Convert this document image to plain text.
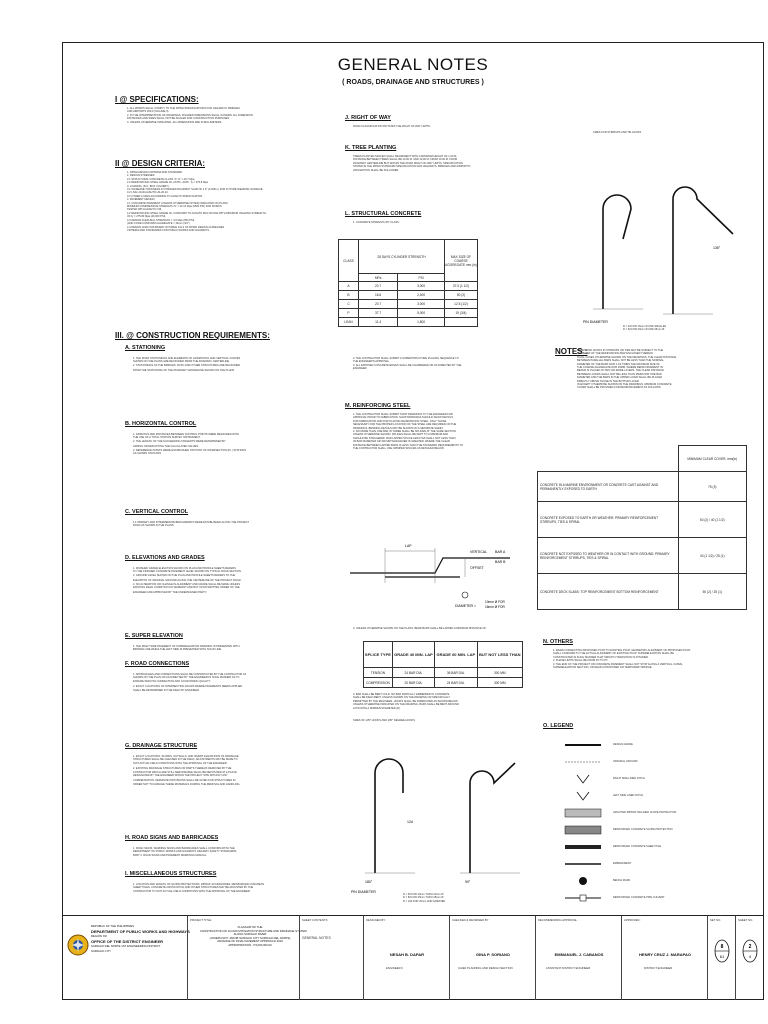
GENERAL NOTES
( ROADS, DRAINAGE AND STRUCTURES )
I @ SPECIFICATIONS:
1. ALL WORKS SHALL COMPLY TO THE DPWH SPECIFICATIONS FOR HIGHWAYS, BRIDGES
AND AIRPORTS 2013 (VOLUME II).
2. IN THE INTERPRETATION OF DRAWINGS, FIGURED DIMENSIONS SHALL GOVERN. ALL DIMENSION
DISTANCES AND SIZES SHALL NOT BE SCALED FOR CONSTRUCTION PURPOSES.
3. UNLESS OTHERWISE INDICATED, ALL DIMENSIONS ARE IN MILLIMETERS.
II @ DESIGN CRITERIA:
1. DPWH DESIGN CRITERIA AND STANDARD.
2. DESIGN STRESSES:
2.1 STRUCTURAL CONCRETE CLASS "A" fc' = 20.7 Mpa
2.2 REINFORCING STEEL GRADE 40, ASTM - A615 : fy = 275.8 Mpa
3. LOADING: (R.C. BOX CULVERT)
3.1 INCREASE THICKNESS AT FINISHED ROADWAY SLAB OF 1.0" (0.025m.) FOR FUTURE WEARING SURFACE.
3.2 LIVE LOAD AASHTO HS-20-44.
3.3 OTHER LOADS ACCORDING TO AASHTO SPECIFICATION.
4. PAVEMENT DESIGN:
4.1 CONCRETE PAVEMENT (UNLESS OTHERWISE NOTED) INDICATED ON PLANS
MINIMUM COMPRESSIVE STRENGTH fc' = 24.13 Mpa (3500 PSI) FOR WORKS
TESTED WITH AASHTO C39.
4.2 REINFORCING STEEL GRADE 40, CONFORM TO AASHTO M31 OR M42 WITH MINIMUM YIELDING STRENGTH
OF fy = 275.80 Mpa (40,000 PSI).
4.3 DESIGN FLEXURAL STRENGTH = 4.5 Mpa (650 PSI)
(AND CODE CONFORM AGGREGATE = 16mm (3/4")
4.4 DESIGN ANALYSIS BASED ON TABLE 311.2 OF DPWH DESIGN GUIDELINES
CRITERIA AND STANDARDS FOR PUBLIC WORKS AND HIGHWAYS.
III. @ CONSTRUCTION REQUIREMENTS:
A. STATIONING
1. THE ROAD STATIONINGS AND ELEMENTS OF HORIZONTAL AND VERTICAL CURVES
SHOWN ON THE PLANS ARE RECKONED FROM THE ROADWAY CENTERLINE.
2. STATIONINGS OF THE BRIDGES, RCPC AND OTHER STRUCTURES ARE RECKONED
FROM THE STATIONING OF THE ROADWAY CENTERLINE SHOWN ON THE PLANS.
B. HORIZONTAL CONTROL
1. AZIMUTHS AND DISTANCES BETWEEN CONTROL POINTS WERE MEASURED WITH
THE USE OF A TOTAL STATION SURVEY INSTRUMENT.
2. THE LENGTH OF THE SUCCEEDING TANGENTS WERE DETERMINED BY
ADDING OR DEDUCTING THE CALCULATED VALUES.
3. REFERENCE POINTS WERE ESTABLISHED ON POINT OF INTERSECTION (P.I.) STATIONS
AS SHOWN ON PLANS.
C. VERTICAL CONTROL
1.1 PRIMARY AND INTERMEDIATE BENCHMARKS WERE ESTABLISHED ALONG THE PROJECT
ROAD AS SHOWN IN THE PLANS.
D. ELEVATIONS AND GRADES
1. FINISHED GRADE ELEVATION SHOWN ON PLAN AND PROFILE SHEETS REFERS
TO THE FINISHED CONCRETE PAVEMENT LEVEL SHOWN ON TYPICAL ROAD SECTION.
2. GROUND LEVEL SHOWN ON THE PLAN AND PROFILE SHEETS REFERS TO THE
ELEVATION OF ORIGINAL GROUND ALONG THE CENTERLINE OF THE PROJECT ROAD.
3. NO ALTERATION OR CHANGE IN ALIGNMENT AND GRADE SHALL BE MADE UNLESS
EXISTING FIELD CONDITION SO WARRANT AND BUT UPON WRITTEN ORDER OF THE
ENGINEER AND APPROVED BY THE UNDERSIGNED PARTY.
E. SUPER ELEVATION
1. THE RIGHT SIDE PAVEMENT OF SUPERELEVATION DRAWING IS PRESENTED WITH
BROKEN LINE WHILE THE LEFT SIDE IS PRESENTED WITH SOLID LINE.
F. ROAD CONNECTIONS
1. APPROACHES AND CONNECTIONS SHALL BE CONSTRUCTED BY THE CONTRACTOR AS
SHOWN ON THE PLAN OR AS DIRECTED BY THE ENGINEER IN SUCH MANNER AS TO
ENSURE SMOOTH CONNECTION AND GOOD RIDING QUALITY.
2. EXACT LOCATIONS OF INTERSECTING ROADS WHERE PAVEMENTS NEEDS APPLIED
SHALL BE DETERMINED IN THE FIELD BY ENGINEER.
G. DRAINAGE STRUCTURE
1. EXACT LOCATIONS, SLOPES, OUTFALLS, AND INVERT ELEVATIONS OF DRAINAGE
STRUCTURES SHALL BE CHECKED IN THE FIELD. ADJUSTMENTS MAY BE MADE TO
SUIT ACTUAL FIELD CONDITIONS WITH THE APPROVAL OF THE ENGINEER.
2. EXISTING DRAINAGE STRUCTURES OR PARTS THEREOF REMOVED BY THE
CONTRACTOR WHICH ARE STILL SERVICEABLE SHALL BE DEPOSITED AT A PLACE
DESIGNATED BY THE ENGINEER WITHIN THE PROJECT SITE WITHOUT ANY
COMPENSATION. SEPARATE PROVISIONS SHALL BE GIVEN FOR STRUCTURES IN
ORDER NOT TO DAMAGE THESE MATERIALS DURING THE REMOVAL AND HANDLING.
H. ROAD SIGNS AND BARRICADES
1. ROAD SIGNS, WARNING SIGNS AND BARRICADES SHALL CONFORM WITH THE
DEPARTMENT OF PUBLIC WORKS AND HIGHWAYS HIGHWAY SAFETY STANDARDS,
PART 2, ROAD SIGNS AND PAVEMENT MARKINGS MANUAL.
I. MISCELLANEOUS STRUCTURES
1. LOCATION AND LENGTH OF SLOPE PROTECTIONS, RIPRAP, ACCESSORIES, REINFORCED CONCRETE
SHEET PILES, CONCRETE CROSS DITCH AND OTHER STRUCTURES MAY BE ADJUSTED BY THE
CONTRACTOR TO SUIT ACTUAL FIELD CONDITIONS WITH THE APPROVAL OF THE ENGINEER.
J. RIGHT OF WAY
ROAD CLASSIFICATION DICTATES THE RIGHT OF WAY LIMITS.
K. TREE PLANTING
TREES PLANTED SPACED SHALL BE EMINENT WITH A MINIMUM HEIGHT OF 1.00 M.
DISTANCE BETWEEN TREES SHALL BE 10.00 M. AND 10.00 M. FROM 10.00 M. FROM
ROADWAY CENTERLINE BUT WITHIN THE ROAD RIGHT-OF-WAY LIMITS. SPECIFICATION
STATED IN THE DPWH STANDARD SPECIFICATION FOR HIGHWAYS, BRIDGES AND AIRPORTS",
2004 EDITION SHALL BE FOLLOWED.
L. STRUCTURAL CONCRETE
1. CONCRETE STRENGTH BY CLASS:
CLASS	28 DAYS CYLINDER STRENGTH		MAX SIZE OF COARSE AGGREGATE mm (in)
	MPa	PSI	
A	20.7	3,000	37.5 (1 1/2)
B	16.6	2,400	50 (2)
C	20.7	3,000	12.5 (1/2)
P	37.7	5,000	19 (3/4)
LEAN	11.4	1,800	
2. THE CONTRACTOR SHALL SUBMIT A SUPERSTRUCTURE PLACING SEQUENCE TO
THE ENGINEER'S APPROVAL.
3. ALL EXPOSED CONCRETE EDGES SHALL BE CHAMFERED OR AS DIRECTED BY THE
ENGINEER.
M. REINFORCING STEEL
1. THE CONTRACTOR SHALL SUBMIT SHOP DRAWINGS TO THE ENGINEER FOR
APPROVAL PRIOR TO FABRICATION. SHOP DRAWINGS SHOULD SHOW DETAILS
FOR FABRICATION AND FOR PLACING REINFORCING STEEL. ONLY THOSE
NECESSARY FOR THE PROPER LOCATION OF THE STEEL ARE REQUIRED ON THE
DRAWINGS. BENDING DETAILS MAY BE SHOWN ON A SEPARATE SHEET.
2. NO MORE THAN ONE BAR IN THREE SHALL BE SPLICED AT THE SAME SECTION
UNLESS OTHERWISE SHOWN. SPLICES SHALL BE KEPT TO A MINIMUM AND
SHOULD BE STAGGERED. BAR LAPPED SPLICE LENGTHS SHALL NOT LESS THAN
30 BAR DIAMETER OR 300 MM WHICHEVER IS GREATER. WHERE THE CLEAR
DISTANCE BETWEEN LAPPED BARS IS LESS THAN THE STANDARD REQUIREMENTS TO
THE CONTRACTOR SHALL USE CRIMPED SPLICES AS DETAILED BELOW.
LAP
VERTICAL
OFFSET
BAR A
BAR B
DIAMETER =
10mm Ø FOR
16mm Ø FOR
3. UNLESS OTHERWISE SHOWN ON THE PLANS, BEND BARS SHALL BE LAPPED A MINIMUM DISTANCE OF:
SPLICE TYPE	GRADE 40 MIN. LAP	GRADE 60 MIN. LAP	BUT NOT LESS THAN
TENSION	24 BAR DIA.	36 BAR DIA.	300 MM
COMPRESSION	20 BAR DIA.	24 BAR DIA.	300 MM
4. BAR SHALL BE BENT COLD. NO BAR PARTIALLY EMBEDDED IN CONCRETE
SHALL BE FIELD BENT. UNLESS SHOWN ON THE DRAWING OR SPECIFICALLY
PERMITTED BY THE ENGINEER. HOOKS SHALL BE FABRICATED AS SHOWN BELOW
UNLESS OTHERWISE INDICATED ON THE DRAWING. BARS SHALL BE BENT AROUND
A PIN WITH A MINIMUM DIAMETER (D).
SIZES OF 135° HOOKS AND 180° DEGREE HOOKS
PIN DIAMETER
180°	90°
12d
D = 6d FOR 10mm THRU 20mm Ø
D = 8d FOR 25mm THRU 28mm Ø
D = 10d FOR 32mm AND GREATER
SIZES FOR STIRRUPS AND TIE HOOKS
135°
PIN DIAMETER
D = 4d FOR 16mm Ø AND SMALLER
D = 6d FOR 20mm Ø AND 25mm Ø
NOTES :
BENDS AND HOOKS IN STIRRUPS OR TIES MAY BE SUBJECT TO THE
DIAMETER OF THE REINFORCING BAR ENCLOSED THEREIN.
IN ALL CASES OTHERWISE SHOWN ON THE DRAWINGS, THE CLEAR DISTANCE
BETWEEN PARALLEL BARS SHALL NOT BE LESS THAN THE NOMINAL
DIAMETER OF THE BARS NOR 1 1/3 TIMES THE MAXIMUM SIZE OF
THE COARSE AGGREGATE NOR 25MM. WHERE REINFORCEMENT IN
BEAMS IS PLACED IN TWO OR MORE LAYERS, THE CLEAR DISTANCE
BETWEEN LAYERS SHALL NOT BE LESS THAN 25MM NOR ONE BAR
DIAMETER AND THE BARS IN THE UPPER LAYER SHALL BE PLACED
DIRECTLY ABOVE THOSE IN THE BOTTOM LAYER.
IN EXCEPT OTHERWISE SHOWN ON THE DRAWINGS, MINIMUM CONCRETE
COVER SHALL BE PROVIDED FOR REINFORCEMENT AS FOLLOWS:
	MINIMUM CLEAR COVER, mm(in)
CONCRETE IN A MARINE ENVIRONMENT OR CONCRETE CAST AGAINST AND PERMANENTLY EXPOSED TO EARTH	75 (3)
CONCRETE EXPOSED TO EARTH OR WEATHER: PRIMARY REINFORCEMENT STIRRUPS, TIES & SPIRAL	50 (2) / 40 (1 1/2)
CONCRETE NOT EXPOSED TO WEATHER OR IN CONTACT WITH GROUND: PRIMARY REINFORCEMENT STIRRUPS, TIES & SPIRAL	40 (1 1/2) / 25 (1)
CONCRETE DECK SLABS: TOP REINFORCEMENT BOTTOM REINFORCEMENT	50 (2) / 25 (1)
N. OTHERS
1. WHEN CONNECTING PROPOSED PCCP TO EXISTING PCCP, GEOMETRIC ALIGNMENT OF PROPOSED PCCP
SHALL CONFORM TO THE ACTUAL ALIGNMENT OF EXISTING PCCP. SUPERELEVATION SHALL BE
CONSTRUCTED IN SUCH MANNER THAT SMOOTH TRANSITION IS ATTAINED.
2. PHASE LIMITS SHALL BE FROM PC TO PT.
3. THE END OF THE PROJECT OR CONCRETE PAVEMENT SHALL NOT STOP ALONG A VERTICAL CURVE,
SUPERELEVATION SECTION, OR NEAR A PROPOSED OR TEMPORARY BRIDGE.
O. LEGEND
DESIGN GRADE
ORIGINAL GROUND
RIGHT SIDE LINED DITCH
LEFT SIDE LINED DITCH
GROUTED RIPRAP INCLINED SLOPE PROTECTION
REINFORCED CONCRETE SLOPE PROTECTION
REINFORCED CONCRETE SHEET PILE
EMBANKMENT
BENCH MARK
REINFORCED CONCRETE PIPE CULVERT
REPUBLIC OF THE PHILIPPINES
DEPARTMENT OF PUBLIC WORKS AND HIGHWAYS
REGION XIII
OFFICE OF THE DISTRICT ENGINEER
SURIGAO DEL NORTE 1ST ENGINEERING DISTRICT
SURIGAO CITY
PROJECT TITLE
FLAGSHIP OF THE
CONSTRUCTION OF FLOOD MITIGATION STRUCTURE AND DRAINAGE SYSTEM
ALONG SURIGAO RIVER
(JOSEPH ROY JAKOB SURIGAO CITY SURIGAO DEL NORTE)
ADVANCE OF FINAL PAVEMENT APPROACH 2019
APPROPRIATION : P3,000,000.00
SHEET CONTENTS
GENERAL NOTES
DESIGNED BY :
NESAH B. DAPAR
ENGINEER II
CHECKED & REVIEWED BY :
GINA P. SORIANO
CHIEF PLANNING AND DESIGN SECTION
RECOMMENDING APPROVAL :
EMMANUEL J. CABANOS
ASSISTANT DISTRICT ENGINEER
APPROVED :
HENRY CRUZ J. MARAPAO
DISTRICT ENGINEER
SET NO.
8
61
SHEET NO.
2
4
